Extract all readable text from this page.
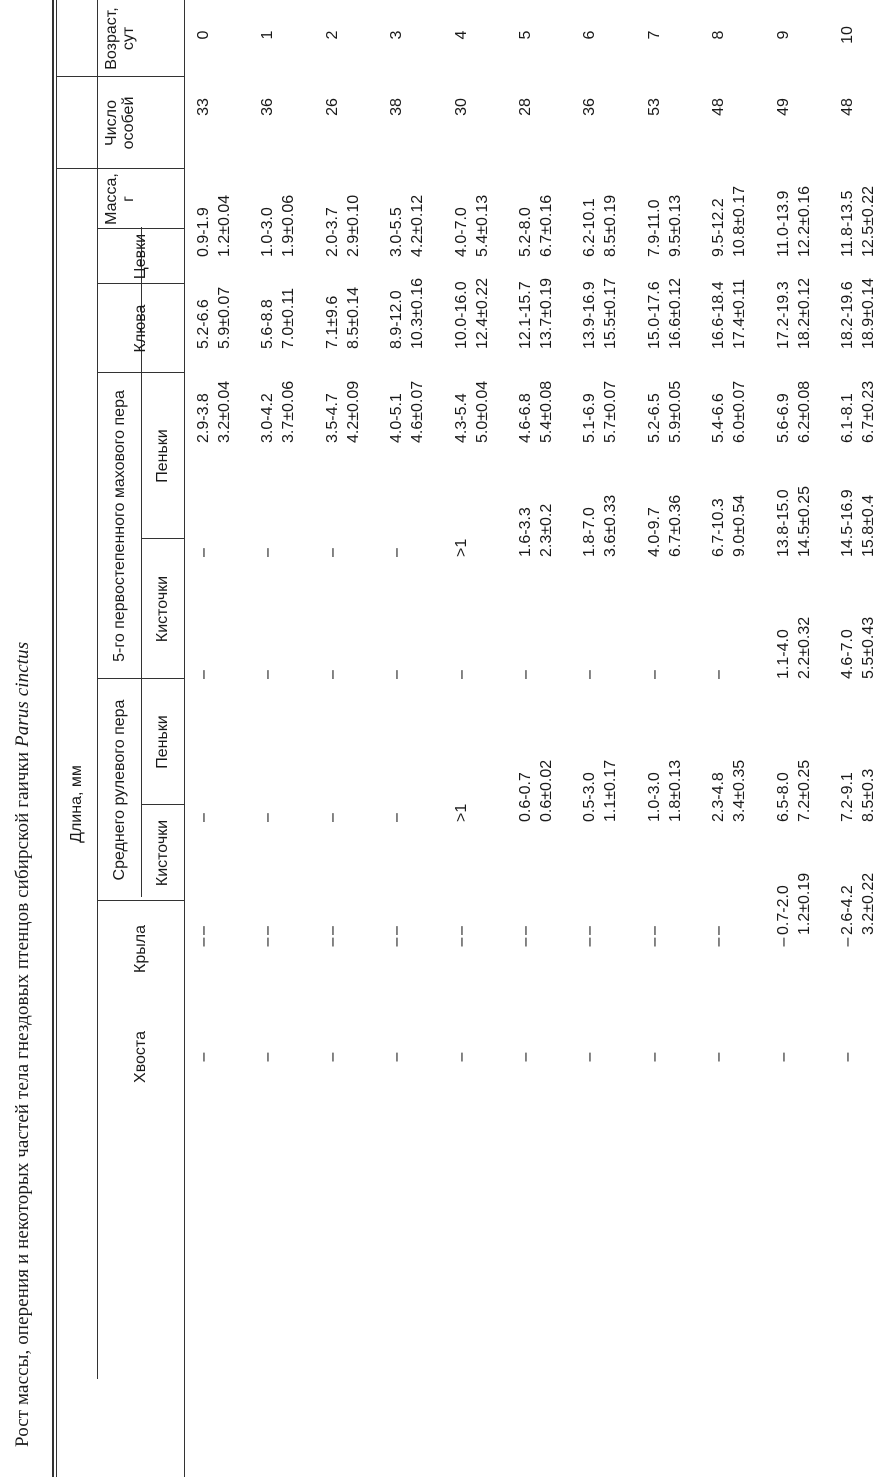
Рост массы, оперения и некоторых частей тела гнездовых птенцов сибирской гаички Parus cinctus
Возраст, сут
Число особей
Масса, г
Длина, мм
Цевки
Клюва
5-го первостепенного махового пера	Пеньки
Кисточки
Среднего рулевого пера	Пеньки
Кисточки
Крыла
Хвоста
0
33
0.9-1.9 1.2±0.04
5.2-6.6 5.9±0.07
2.9-3.8 3.2±0.04
–
–
–
–
–
–
1
36
1.0-3.0 1.9±0.06
5.6-8.8 7.0±0.11
3.0-4.2 3.7±0.06
–
–
–
–
–
–
2
26
2.0-3.7 2.9±0.10
7.1±9.6 8.5±0.14
3.5-4.7 4.2±0.09
–
–
–
–
–
–
3
38
3.0-5.5 4.2±0.12
8.9-12.0 10.3±0.16
4.0-5.1 4.6±0.07
–
–
–
–
–
–
4
30
4.0-7.0 5.4±0.13
10.0-16.0 12.4±0.22
4.3-5.4 5.0±0.04
>1
–
>1
–
–
–
5
28
5.2-8.0 6.7±0.16
12.1-15.7 13.7±0.19
4.6-6.8 5.4±0.08
1.6-3.3 2.3±0.2
–
0.6-0.7 0.6±0.02
–
–
–
6
36
6.2-10.1 8.5±0.19
13.9-16.9 15.5±0.17
5.1-6.9 5.7±0.07
1.8-7.0 3.6±0.33
–
0.5-3.0 1.1±0.17
–
–
–
7
53
7.9-11.0 9.5±0.13
15.0-17.6 16.6±0.12
5.2-6.5 5.9±0.05
4.0-9.7 6.7±0.36
–
1.0-3.0 1.8±0.13
–
–
–
8
48
9.5-12.2 10.8±0.17
16.6-18.4 17.4±0.11
5.4-6.6 6.0±0.07
6.7-10.3 9.0±0.54
–
2.3-4.8 3.4±0.35
–
–
–
9
49
11.0-13.9 12.2±0.16
17.2-19.3 18.2±0.12
5.6-6.9 6.2±0.08
13.8-15.0 14.5±0.25
1.1-4.0 2.2±0.32
6.5-8.0 7.2±0.25
0.7-2.0 1.2±0.19
–
–
10
48
11.8-13.5 12.5±0.22
18.2-19.6 18.9±0.14
6.1-8.1 6.7±0.23
14.5-16.9 15.8±0.4
4.6-7.0 5.5±0.43
7.2-9.1 8.5±0.3
2.6-4.2 3.2±0.22
–
–
